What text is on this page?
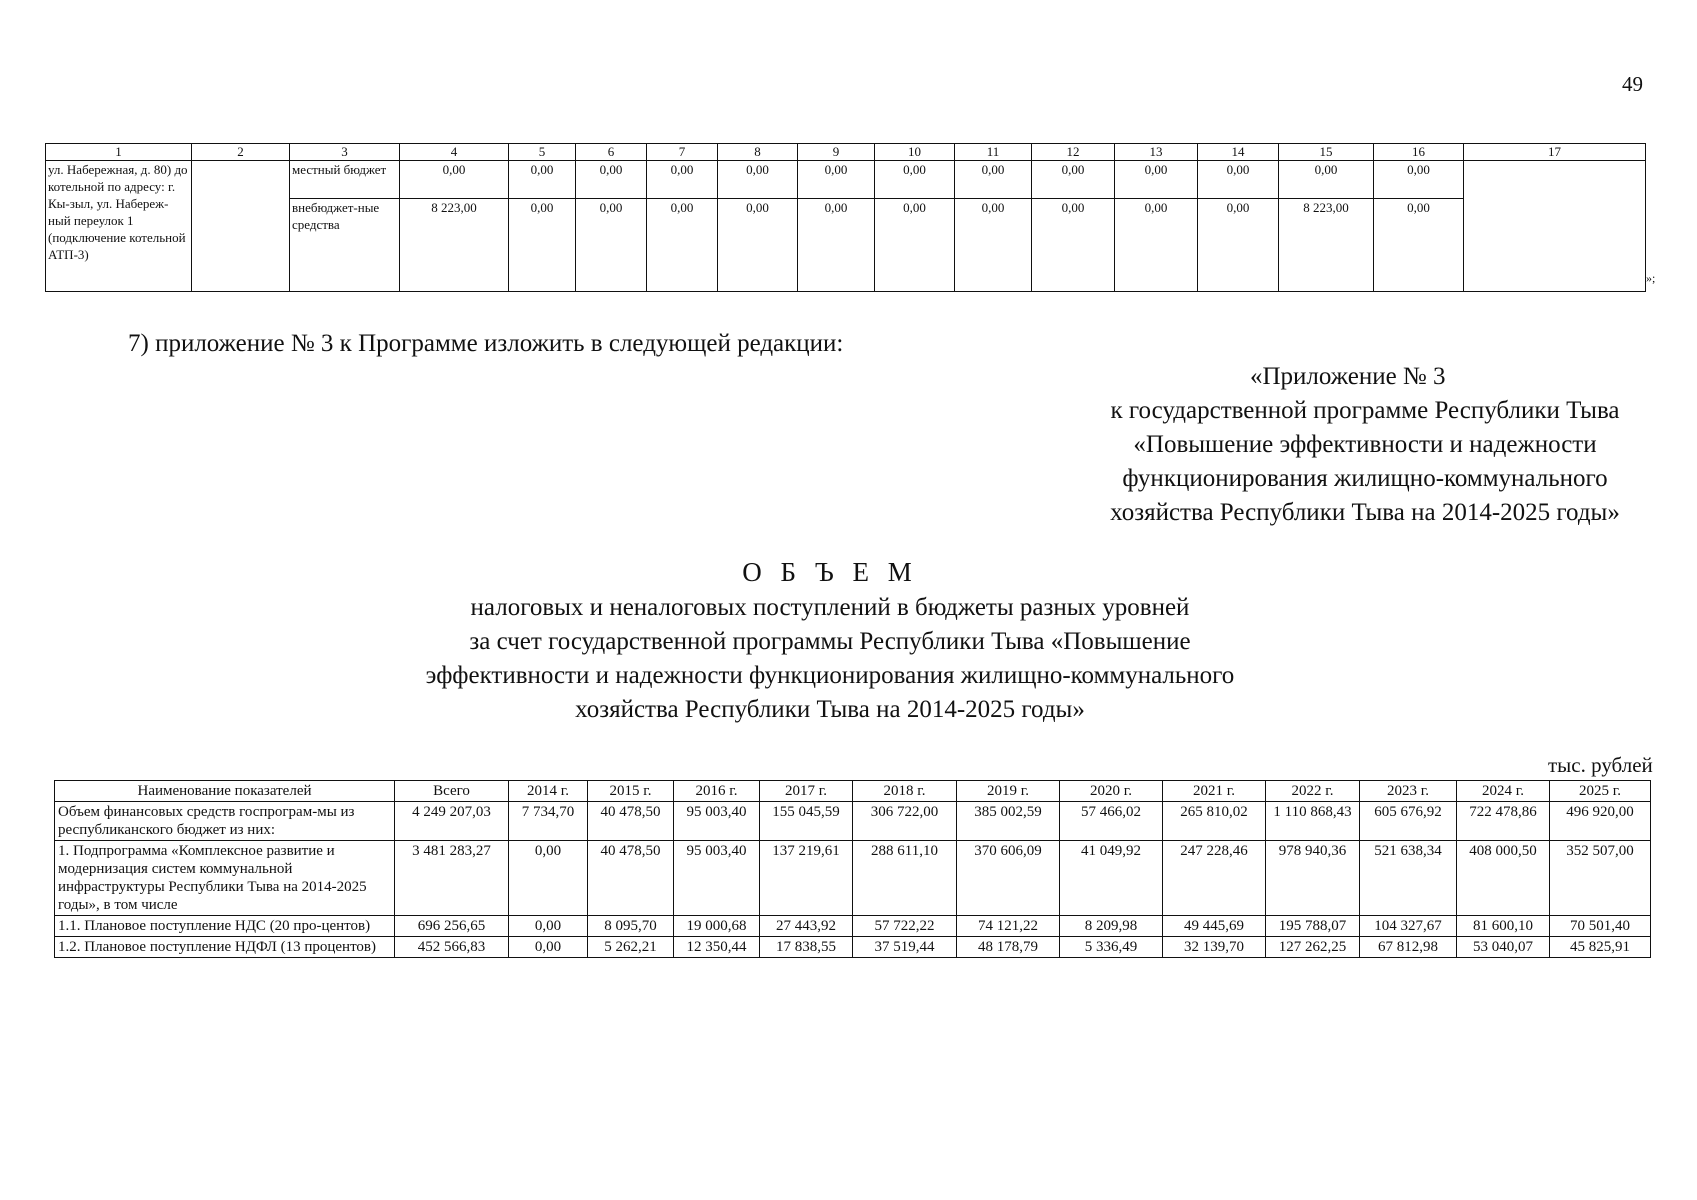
49
1	2	3	4	5	6	7	8	9	10	11	12	13	14	15	16	17
ул. Набережная, д. 80) до котельной по адресу: г. Кы-зыл, ул. Набереж-ный переулок 1 (подключение котельной АТП-3)		местный бюджет	0,00	0,00	0,00	0,00	0,00	0,00	0,00	0,00	0,00	0,00	0,00	0,00	0,00	
		внебюджет-ные средства	8 223,00	0,00	0,00	0,00	0,00	0,00	0,00	0,00	0,00	0,00	0,00	8 223,00	0,00	
»;
7) приложение № 3 к Программе изложить в следующей редакции:
«Приложение № 3
к государственной программе Республики Тыва
«Повышение эффективности и надежности
функционирования жилищно-коммунального
хозяйства Республики Тыва на 2014-2025 годы»
О Б Ъ Е М
налоговых и неналоговых поступлений в бюджеты разных уровней
за счет государственной программы Республики Тыва «Повышение
эффективности и надежности функционирования жилищно-коммунального
хозяйства Республики Тыва на 2014-2025 годы»
тыс. рублей
Наименование показателей	Всего	2014 г.	2015 г.	2016 г.	2017 г.	2018 г.	2019 г.	2020 г.	2021 г.	2022 г.	2023 г.	2024 г.	2025 г.
Объем финансовых средств госпрограм-мы из республиканского бюджет из них:	4 249 207,03	7 734,70	40 478,50	95 003,40	155 045,59	306 722,00	385 002,59	57 466,02	265 810,02	1 110 868,43	605 676,92	722 478,86	496 920,00
1. Подпрограмма «Комплексное развитие и модернизация систем коммунальной инфраструктуры Республики Тыва на 2014-2025 годы», в том числе	3 481 283,27	0,00	40 478,50	95 003,40	137 219,61	288 611,10	370 606,09	41 049,92	247 228,46	978 940,36	521 638,34	408 000,50	352 507,00
1.1. Плановое поступление НДС (20 про-центов)	696 256,65	0,00	8 095,70	19 000,68	27 443,92	57 722,22	74 121,22	8 209,98	49 445,69	195 788,07	104 327,67	81 600,10	70 501,40
1.2. Плановое поступление НДФЛ (13 процентов)	452 566,83	0,00	5 262,21	12 350,44	17 838,55	37 519,44	48 178,79	5 336,49	32 139,70	127 262,25	67 812,98	53 040,07	45 825,91
